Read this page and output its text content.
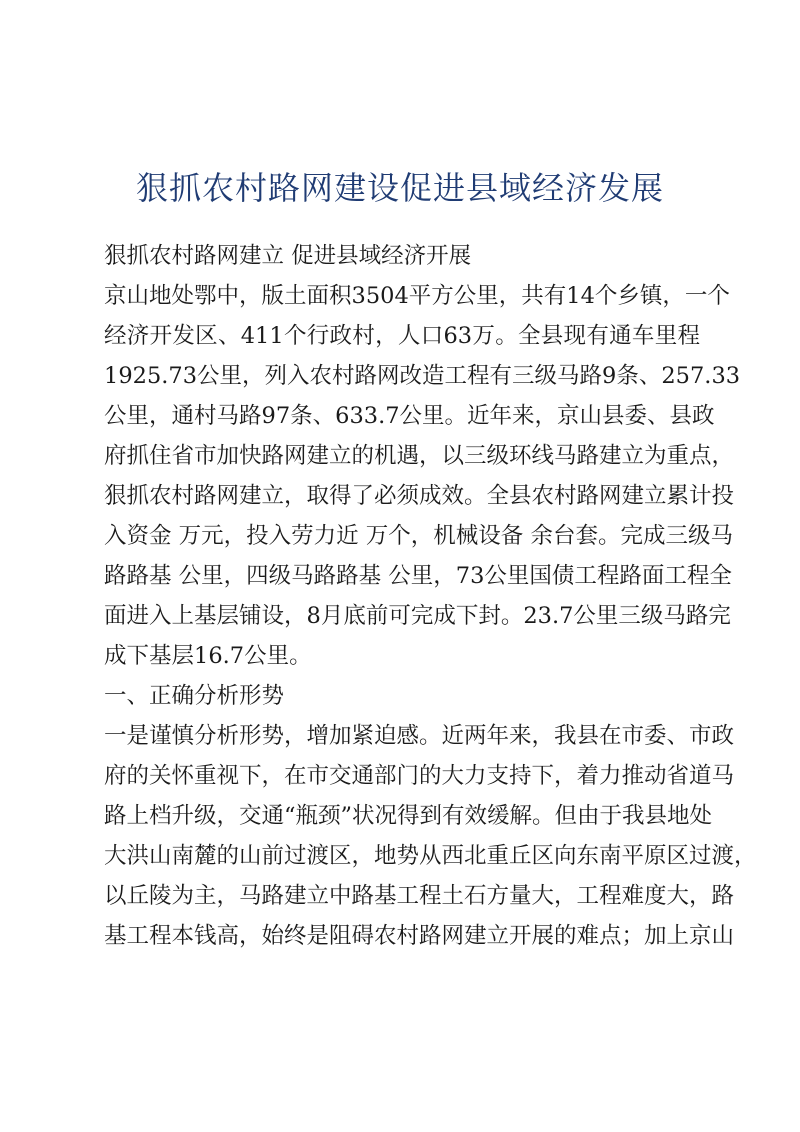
狠抓农村路网建设促进县域经济发展
狠抓农村路网建立 促进县域经济开展
京山地处鄂中，版土面积3504平方公里，共有14个乡镇，一个
经济开发区、411个行政村，人口63万。全县现有通车里程
1925.73公里，列入农村路网改造工程有三级马路9条、257.33
公里，通村马路97条、633.7公里。近年来，京山县委、县政
府抓住省市加快路网建立的机遇，以三级环线马路建立为重点，
狠抓农村路网建立，取得了必须成效。全县农村路网建立累计投
入资金 万元，投入劳力近 万个，机械设备 余台套。完成三级马
路路基 公里，四级马路路基 公里，73公里国债工程路面工程全
面进入上基层铺设，8月底前可完成下封。23.7公里三级马路完
成下基层16.7公里。
一、正确分析形势
一是谨慎分析形势，增加紧迫感。近两年来，我县在市委、市政
府的关怀重视下，在市交通部门的大力支持下，着力推动省道马
路上档升级，交通“瓶颈”状况得到有效缓解。但由于我县地处
大洪山南麓的山前过渡区，地势从西北重丘区向东南平原区过渡，
以丘陵为主，马路建立中路基工程土石方量大，工程难度大，路
基工程本钱高，始终是阻碍农村路网建立开展的难点；加上京山
